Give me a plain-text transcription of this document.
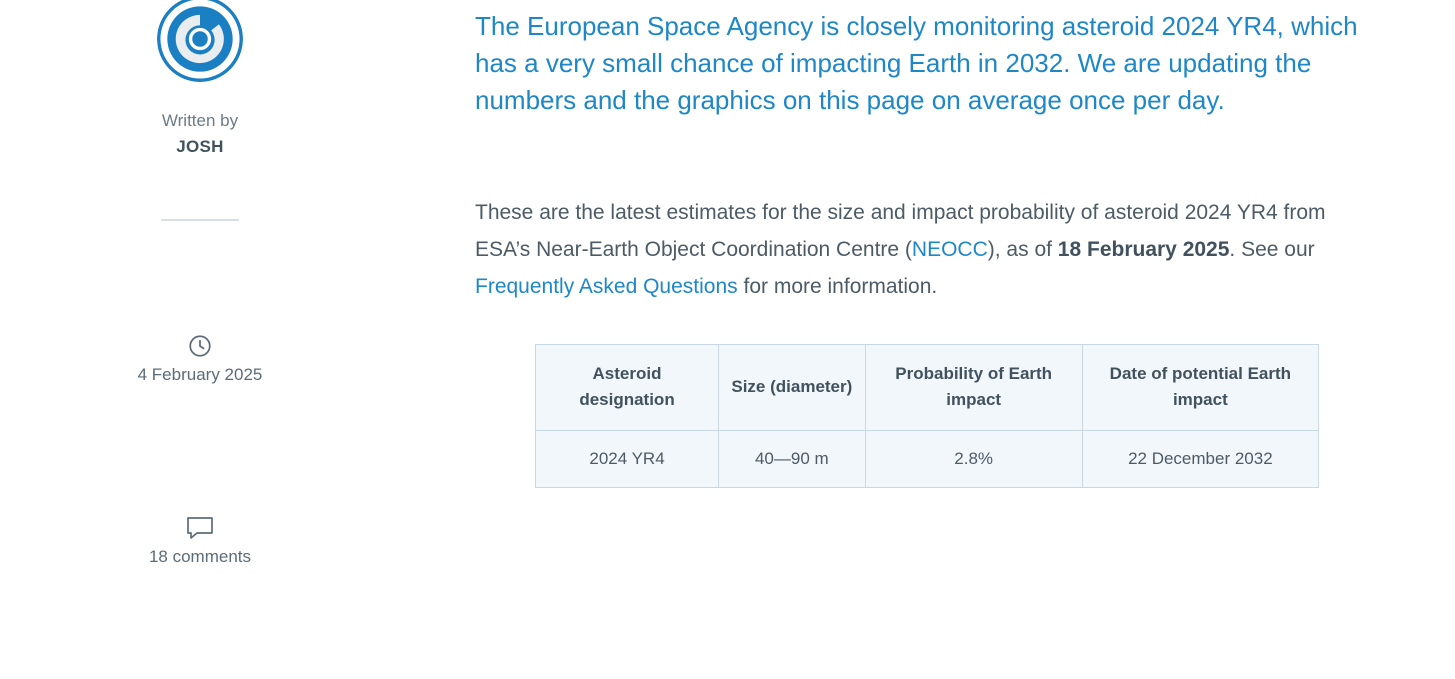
Written by
JOSH
4 February 2025
18 comments

The European Space Agency is closely monitoring asteroid 2024 YR4, which has a very small chance of impacting Earth in 2032. We are updating the numbers and the graphics on this page on average once per day.

These are the latest estimates for the size and impact probability of asteroid 2024 YR4 from ESA’s Near-Earth Object Coordination Centre (NEOCC), as of 18 February 2025. See our Frequently Asked Questions for more information.

Asteroid designation	Size (diameter)	Probability of Earth impact	Date of potential Earth impact
2024 YR4	40—90 m	2.8%	22 December 2032
